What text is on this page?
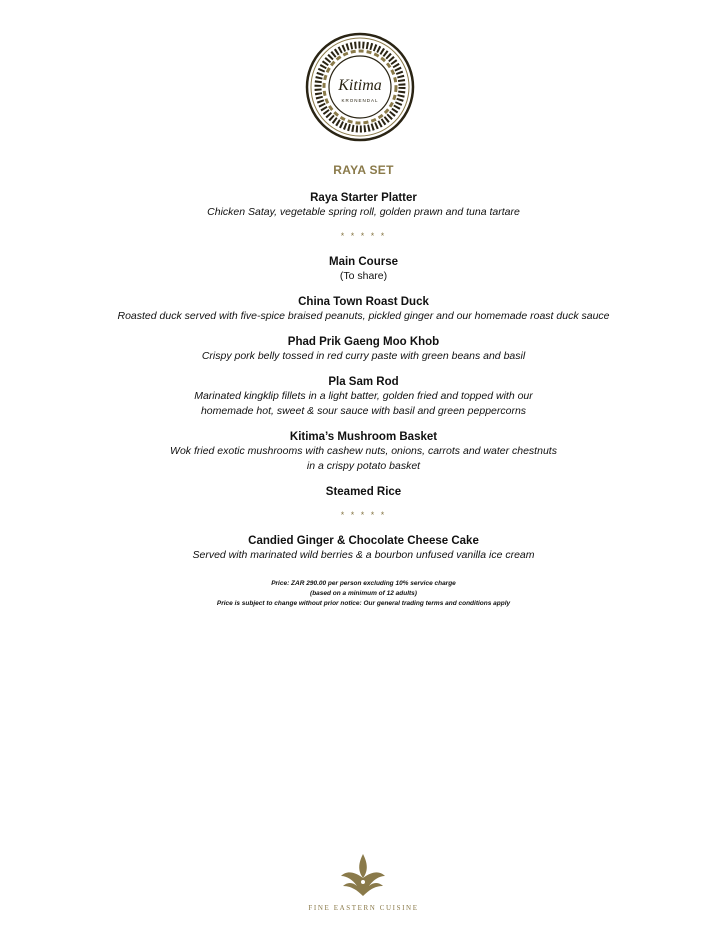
Kitima
KRONENDAL
RAYA SET
Raya Starter Platter
Chicken Satay, vegetable spring roll, golden prawn and tuna tartare
* * * * *
Main Course
(To share)
China Town Roast Duck
Roasted duck served with five-spice braised peanuts, pickled ginger and our homemade roast duck sauce
Phad Prik Gaeng Moo Khob
Crispy pork belly tossed in red curry paste with green beans and basil
Pla Sam Rod
Marinated kingklip fillets in a light batter, golden fried and topped with our
homemade hot, sweet & sour sauce with basil and green peppercorns
Kitima’s Mushroom Basket
Wok fried exotic mushrooms with cashew nuts, onions, carrots and water chestnuts
in a crispy potato basket
Steamed Rice
* * * * *
Candied Ginger & Chocolate Cheese Cake
Served with marinated wild berries & a bourbon unfused vanilla ice cream
Price: ZAR 290.00 per person excluding 10% service charge
(based on a minimum of 12 adults)
Price is subject to change without prior notice: Our general trading terms and conditions apply
FINE EASTERN CUISINE
